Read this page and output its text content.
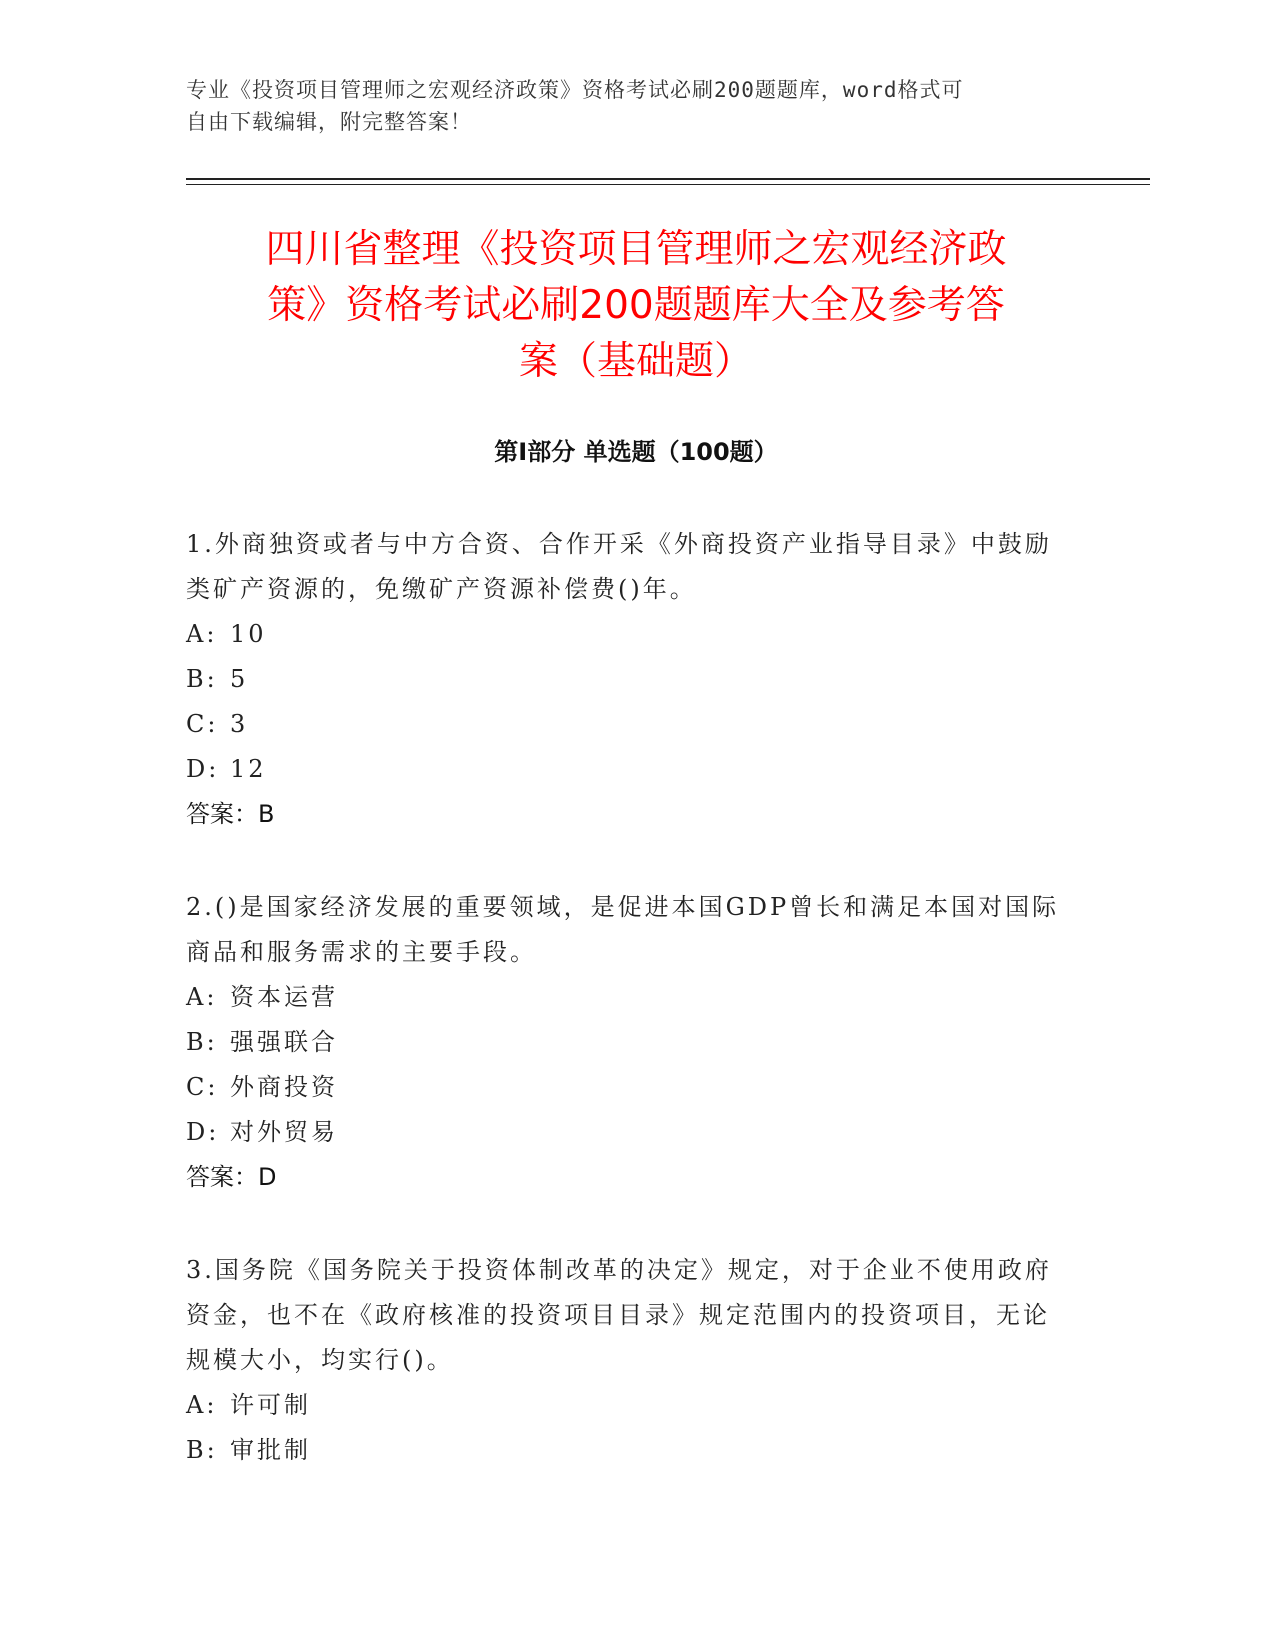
专业《投资项目管理师之宏观经济政策》资格考试必刷200题题库，word格式可
自由下载编辑，附完整答案！
四川省整理《投资项目管理师之宏观经济政
策》资格考试必刷200题题库大全及参考答
案（基础题）
第Ⅰ部分 单选题（100题）
1.外商独资或者与中方合资、合作开采《外商投资产业指导目录》中鼓励类矿产资源的，免缴矿产资源补偿费()年。
A: 10
B: 5
C: 3
D: 12
答案：B
2.()是国家经济发展的重要领域，是促进本国GDP曾长和满足本国对国际商品和服务需求的主要手段。
A: 资本运营
B: 强强联合
C: 外商投资
D: 对外贸易
答案：D
3.国务院《国务院关于投资体制改革的决定》规定，对于企业不使用政府资金，也不在《政府核准的投资项目目录》规定范围内的投资项目，无论规模大小，均实行()。
A: 许可制
B: 审批制
